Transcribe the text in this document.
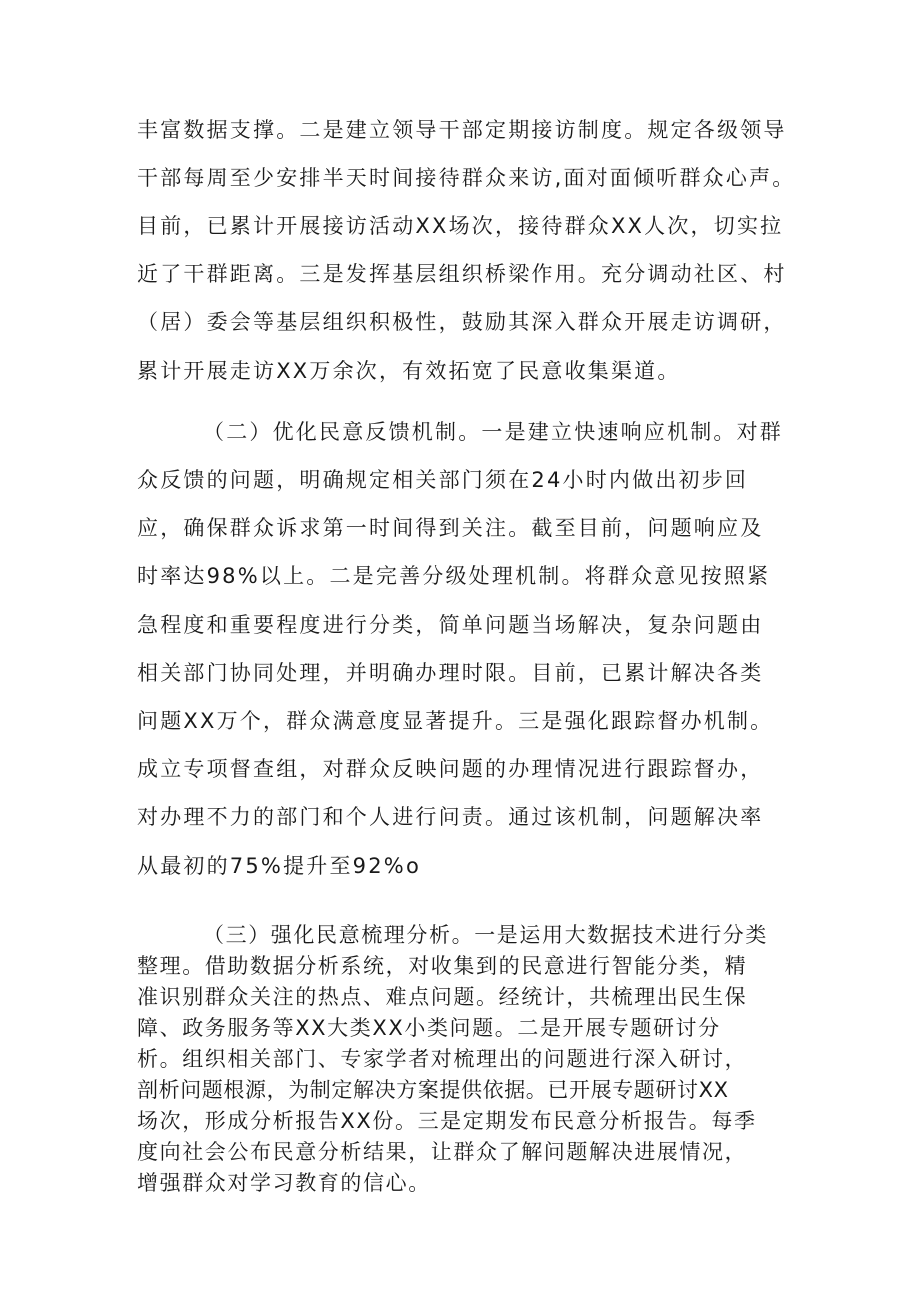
丰富数据支撑。二是建立领导干部定期接访制度。规定各级领导
干部每周至少安排半天时间接待群众来访,面对面倾听群众心声。
目前，已累计开展接访活动XX场次，接待群众XX人次，切实拉
近了干群距离。三是发挥基层组织桥梁作用。充分调动社区、村
（居）委会等基层组织积极性，鼓励其深入群众开展走访调研，
累计开展走访XX万余次，有效拓宽了民意收集渠道。
（二）优化民意反馈机制。一是建立快速响应机制。对群
众反馈的问题，明确规定相关部门须在24小时内做出初步回
应，确保群众诉求第一时间得到关注。截至目前，问题响应及
时率达98%以上。二是完善分级处理机制。将群众意见按照紧
急程度和重要程度进行分类，简单问题当场解决，复杂问题由
相关部门协同处理，并明确办理时限。目前，已累计解决各类
问题XX万个，群众满意度显著提升。三是强化跟踪督办机制。
成立专项督查组，对群众反映问题的办理情况进行跟踪督办，
对办理不力的部门和个人进行问责。通过该机制，问题解决率
从最初的75%提升至92%o
（三）强化民意梳理分析。一是运用大数据技术进行分类
整理。借助数据分析系统，对收集到的民意进行智能分类，精
准识别群众关注的热点、难点问题。经统计，共梳理出民生保
障、政务服务等XX大类XX小类问题。二是开展专题研讨分
析。组织相关部门、专家学者对梳理出的问题进行深入研讨，
剖析问题根源，为制定解决方案提供依据。已开展专题研讨XX
场次，形成分析报告XX份。三是定期发布民意分析报告。每季
度向社会公布民意分析结果，让群众了解问题解决进展情况，
增强群众对学习教育的信心。
